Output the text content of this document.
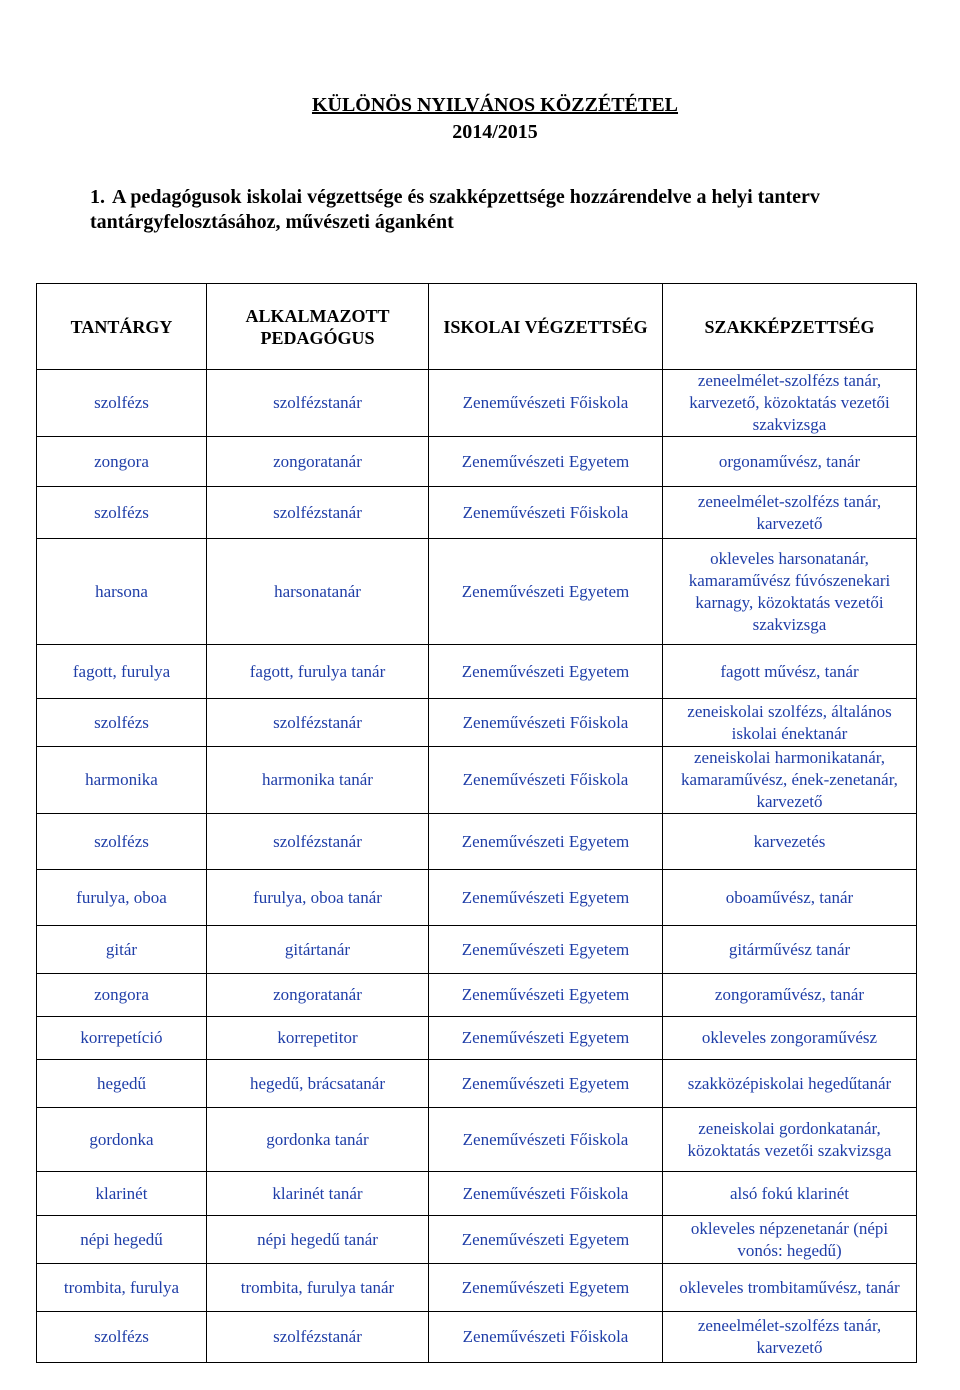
KÜLÖNÖS NYILVÁNOS KÖZZÉTÉTEL
2014/2015
1. A pedagógusok iskolai végzettsége és szakképzettsége hozzárendelve a helyi tanterv
tantárgyfelosztásához, művészeti áganként
TANTÁRGY	ALKALMAZOTT PEDAGÓGUS	ISKOLAI VÉGZETTSÉG	SZAKKÉPZETTSÉG
szolfézs	szolfézstanár	Zeneművészeti Főiskola	zeneelmélet-szolfézs tanár, karvezető, közoktatás vezetői szakvizsga
zongora	zongoratanár	Zeneművészeti Egyetem	orgonaművész, tanár
szolfézs	szolfézstanár	Zeneművészeti Főiskola	zeneelmélet-szolfézs tanár, karvezető
harsona	harsonatanár	Zeneművészeti Egyetem	okleveles harsonatanár, kamaraművész fúvószenekari karnagy, közoktatás vezetői szakvizsga
fagott, furulya	fagott, furulya tanár	Zeneművészeti Egyetem	fagott művész, tanár
szolfézs	szolfézstanár	Zeneművészeti Főiskola	zeneiskolai szolfézs, általános iskolai énektanár
harmonika	harmonika tanár	Zeneművészeti Főiskola	zeneiskolai harmonikatanár, kamaraművész, ének-zenetanár, karvezető
szolfézs	szolfézstanár	Zeneművészeti Egyetem	karvezetés
furulya, oboa	furulya, oboa tanár	Zeneművészeti Egyetem	oboaművész, tanár
gitár	gitártanár	Zeneművészeti Egyetem	gitárművész tanár
zongora	zongoratanár	Zeneművészeti Egyetem	zongoraművész, tanár
korrepetíció	korrepetitor	Zeneművészeti Egyetem	okleveles zongoraművész
hegedű	hegedű, brácsatanár	Zeneművészeti Egyetem	szakközépiskolai hegedűtanár
gordonka	gordonka tanár	Zeneművészeti Főiskola	zeneiskolai gordonkatanár, közoktatás vezetői szakvizsga
klarinét	klarinét tanár	Zeneművészeti Főiskola	alsó fokú klarinét
népi hegedű	népi hegedű tanár	Zeneművészeti Egyetem	okleveles népzenetanár (népi vonós: hegedű)
trombita, furulya	trombita, furulya tanár	Zeneművészeti Egyetem	okleveles trombitaművész, tanár
szolfézs	szolfézstanár	Zeneművészeti Főiskola	zeneelmélet-szolfézs tanár, karvezető
